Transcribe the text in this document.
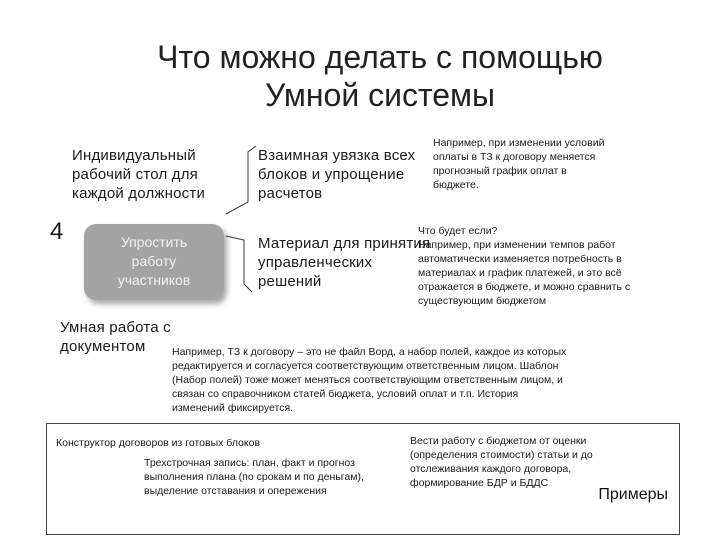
Что можно делать с помощью
Умной системы
Индивидуальный
рабочий стол для
каждой должности
Взаимная увязка всех
блоков и упрощение
расчетов
Например, при изменении условий
оплаты в ТЗ к договору меняется
прогнозный график оплат в
бюджете.
4	Упростить
работу
участников
Материал для принятия
управленческих
решений
Что будет если?
Например, при изменении темпов работ
автоматически изменяется потребность в
материалах и график платежей, и это всё
отражается в бюджете, и можно сравнить с
существующим бюджетом
Умная работа с
документом	Например, ТЗ к договору – это не файл Ворд, а набор полей, каждое из которых
редактируется и согласуется соответствующим ответственным лицом. Шаблон
(Набор полей) тоже может меняться соответствующим ответственным лицом, и
связан со справочником статей бюджета, условий оплат и т.п. История
изменений фиксируется.
Конструктор договоров из готовых блоков
Трехстрочная запись: план, факт и прогноз
выполнения плана (по срокам и по деньгам),
выделение отставания и опережения
Вести работу с бюджетом от оценки
(определения стоимости) статьи и до
отслеживания каждого договора,
формирование БДР и БДДС
Примеры
